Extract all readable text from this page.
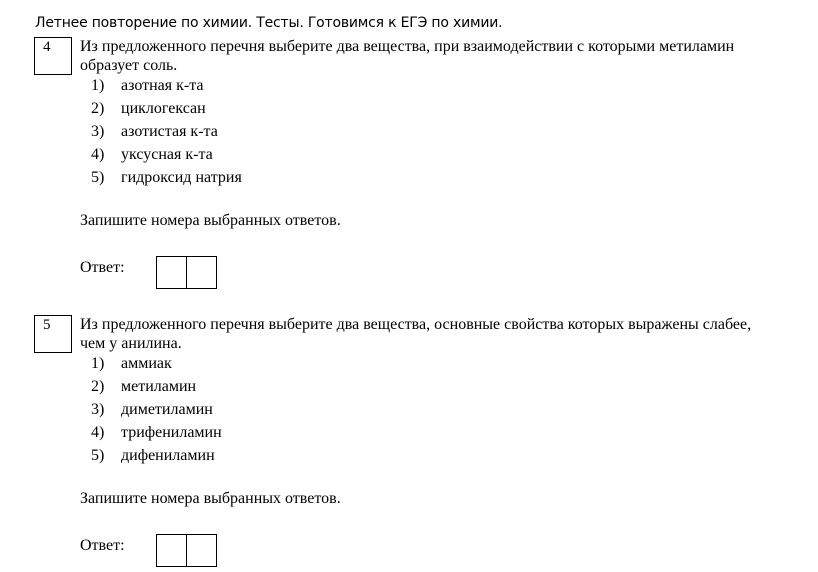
Летнее повторение по химии. Тесты. Готовимся к ЕГЭ по химии.
4	Из предложенного перечня выберите два вещества, при взаимодействии с которыми метиламин образует соль.
1) азотная к-та
2) циклогексан
3) азотистая к-та
4) уксусная к-та
5) гидроксид натрия
Запишите номера выбранных ответов.
Ответ:
5	Из предложенного перечня выберите два вещества, основные свойства которых выражены слабее, чем у анилина.
1) аммиак
2) метиламин
3) диметиламин
4) трифениламин
5) дифениламин
Запишите номера выбранных ответов.
Ответ:
